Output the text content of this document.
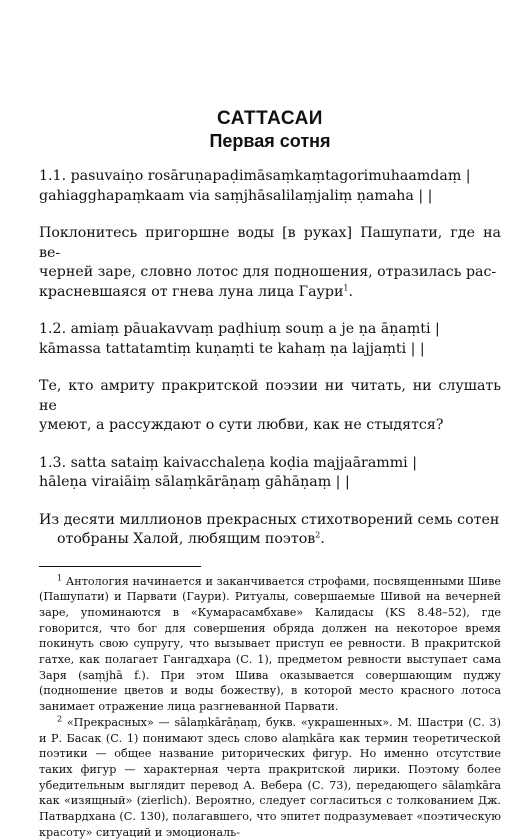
САТТАСАИ
Первая сотня
1.1. pasuvaiṇo rosāruṇapaḍimāsaṃkaṃtagorimuhaamdaṃ |
gahiagghapaṃkaam via saṃjhāsalilaṃjaliṃ ṇamaha | |
Поклонитесь пригоршне воды [в руках] Пашупати, где на ве-
черней заре, словно лотос для подношения, отразилась рас-
красневшаяся от гнева луна лица Гаури$^1$.
1.2. amiaṃ pāuakavvaṃ paḍhiuṃ souṃ a je ṇa āṇaṃti |
kāmassa tattatamtiṃ kuṇaṃti te kahaṃ ṇa lajjaṃti | |
Те, кто амриту пракритской поэзии ни читать, ни слушать не
умеют, а рассуждают о сути любви, как не стыдятся?
1.3. satta sataiṃ kaivacchaleṇa koḍia majjaārammi |
hāleṇa viraiāiṃ sālaṃkārāṇaṃ gāhāṇaṃ | |
Из десяти миллионов прекрасных стихотворений семь сотен
отобраны Халой, любящим поэтов$^2$.

$^1$ Антология начинается и заканчивается строфами, посвященными Шиве (Пашупати) и Парвати (Гаури). Ритуалы, совершаемые Шивой на вечерней заре, упоминаются в «Кумарасамбхаве» Калидасы (KS 8.48–52), где говорится, что бог для совершения обряда должен на некоторое время покинуть свою супругу, что вызывает приступ ее ревности. В пракритской гатхе, как полагает Гангадхара (С. 1), предметом ревности выступает сама Заря (saṃjhā f.). При этом Шива оказывается совершающим пуджу (подношение цветов и воды божеству), в которой место красного лотоса занимает отражение лица разгневанной Парвати.

$^2$ «Прекрасных» — sālaṃkārāṇaṃ, букв. «украшенных». М. Шастри (С. 3) и Р. Басак (С. 1) понимают здесь слово alaṃkāra как термин теоретической поэтики — общее название риторических фигур. Но именно отсутствие таких фигур — характерная черта пракритской лирики. Поэтому более убедительным выглядит перевод А. Вебера (С. 73), передающего sālaṃkāra как «изящный» (zierlich). Вероятно, следует согласиться с толкованием Дж. Патвардхана (С. 130), полагавшего, что эпитет подразумевает «поэтическую красоту» ситуаций и эмоциональ-
